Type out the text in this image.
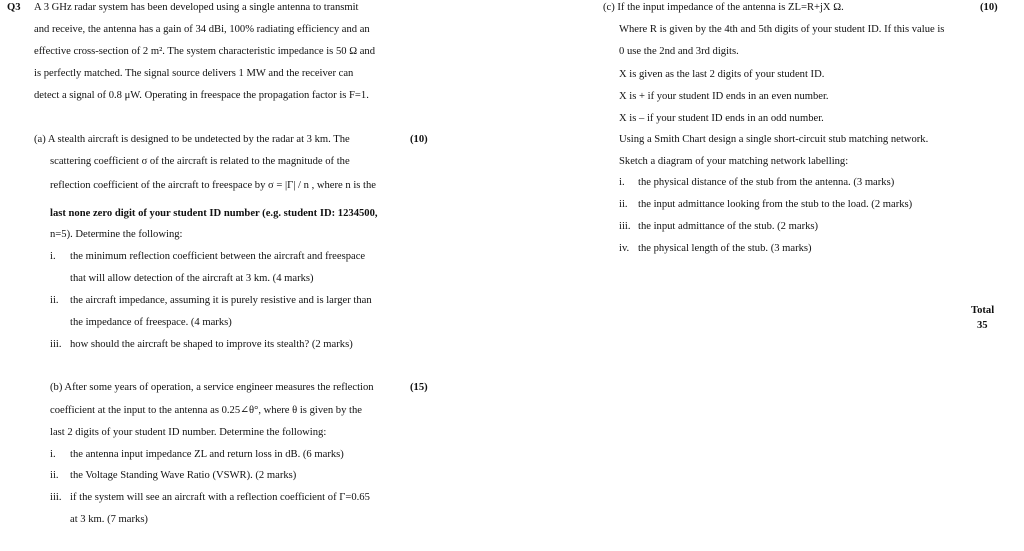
Q3 A 3 GHz radar system has been developed using a single antenna to transmit
and receive, the antenna has a gain of 34 dBi, 100% radiating efficiency and an
effective cross-section of 2 m². The system characteristic impedance is 50 Ω and
is perfectly matched. The signal source delivers 1 MW and the receiver can
detect a signal of 0.8 μW. Operating in freespace the propagation factor is F=1.
(10)
(a) A stealth aircraft is designed to be undetected by the radar at 3 km. The
scattering coefficient σ of the aircraft is related to the magnitude of the
reflection coefficient of the aircraft to freespace by σ = |Γ| / n , where n is the
last none zero digit of your student ID number (e.g. student ID: 1234500,
n=5). Determine the following:
i. the minimum reflection coefficient between the aircraft and freespace
that will allow detection of the aircraft at 3 km. (4 marks)
ii. the aircraft impedance, assuming it is purely resistive and is larger than
the impedance of freespace. (4 marks)
iii. how should the aircraft be shaped to improve its stealth? (2 marks)
(15)
(b) After some years of operation, a service engineer measures the reflection
coefficient at the input to the antenna as 0.25∠θ°, where θ is given by the
last 2 digits of your student ID number. Determine the following:
i. the antenna input impedance ZL and return loss in dB. (6 marks)
ii. the Voltage Standing Wave Ratio (VSWR). (2 marks)
iii. if the system will see an aircraft with a reflection coefficient of Γ=0.65
at 3 km. (7 marks)
(10)
(c) If the input impedance of the antenna is ZL=R+jX Ω.
Where R is given by the 4th and 5th digits of your student ID. If this value is
0 use the 2nd and 3rd digits.
X is given as the last 2 digits of your student ID.
X is + if your student ID ends in an even number.
X is – if your student ID ends in an odd number.
Using a Smith Chart design a single short-circuit stub matching network.
Sketch a diagram of your matching network labelling:
i. the physical distance of the stub from the antenna. (3 marks)
ii. the input admittance looking from the stub to the load. (2 marks)
iii. the input admittance of the stub. (2 marks)
iv. the physical length of the stub. (3 marks)
Total
35
